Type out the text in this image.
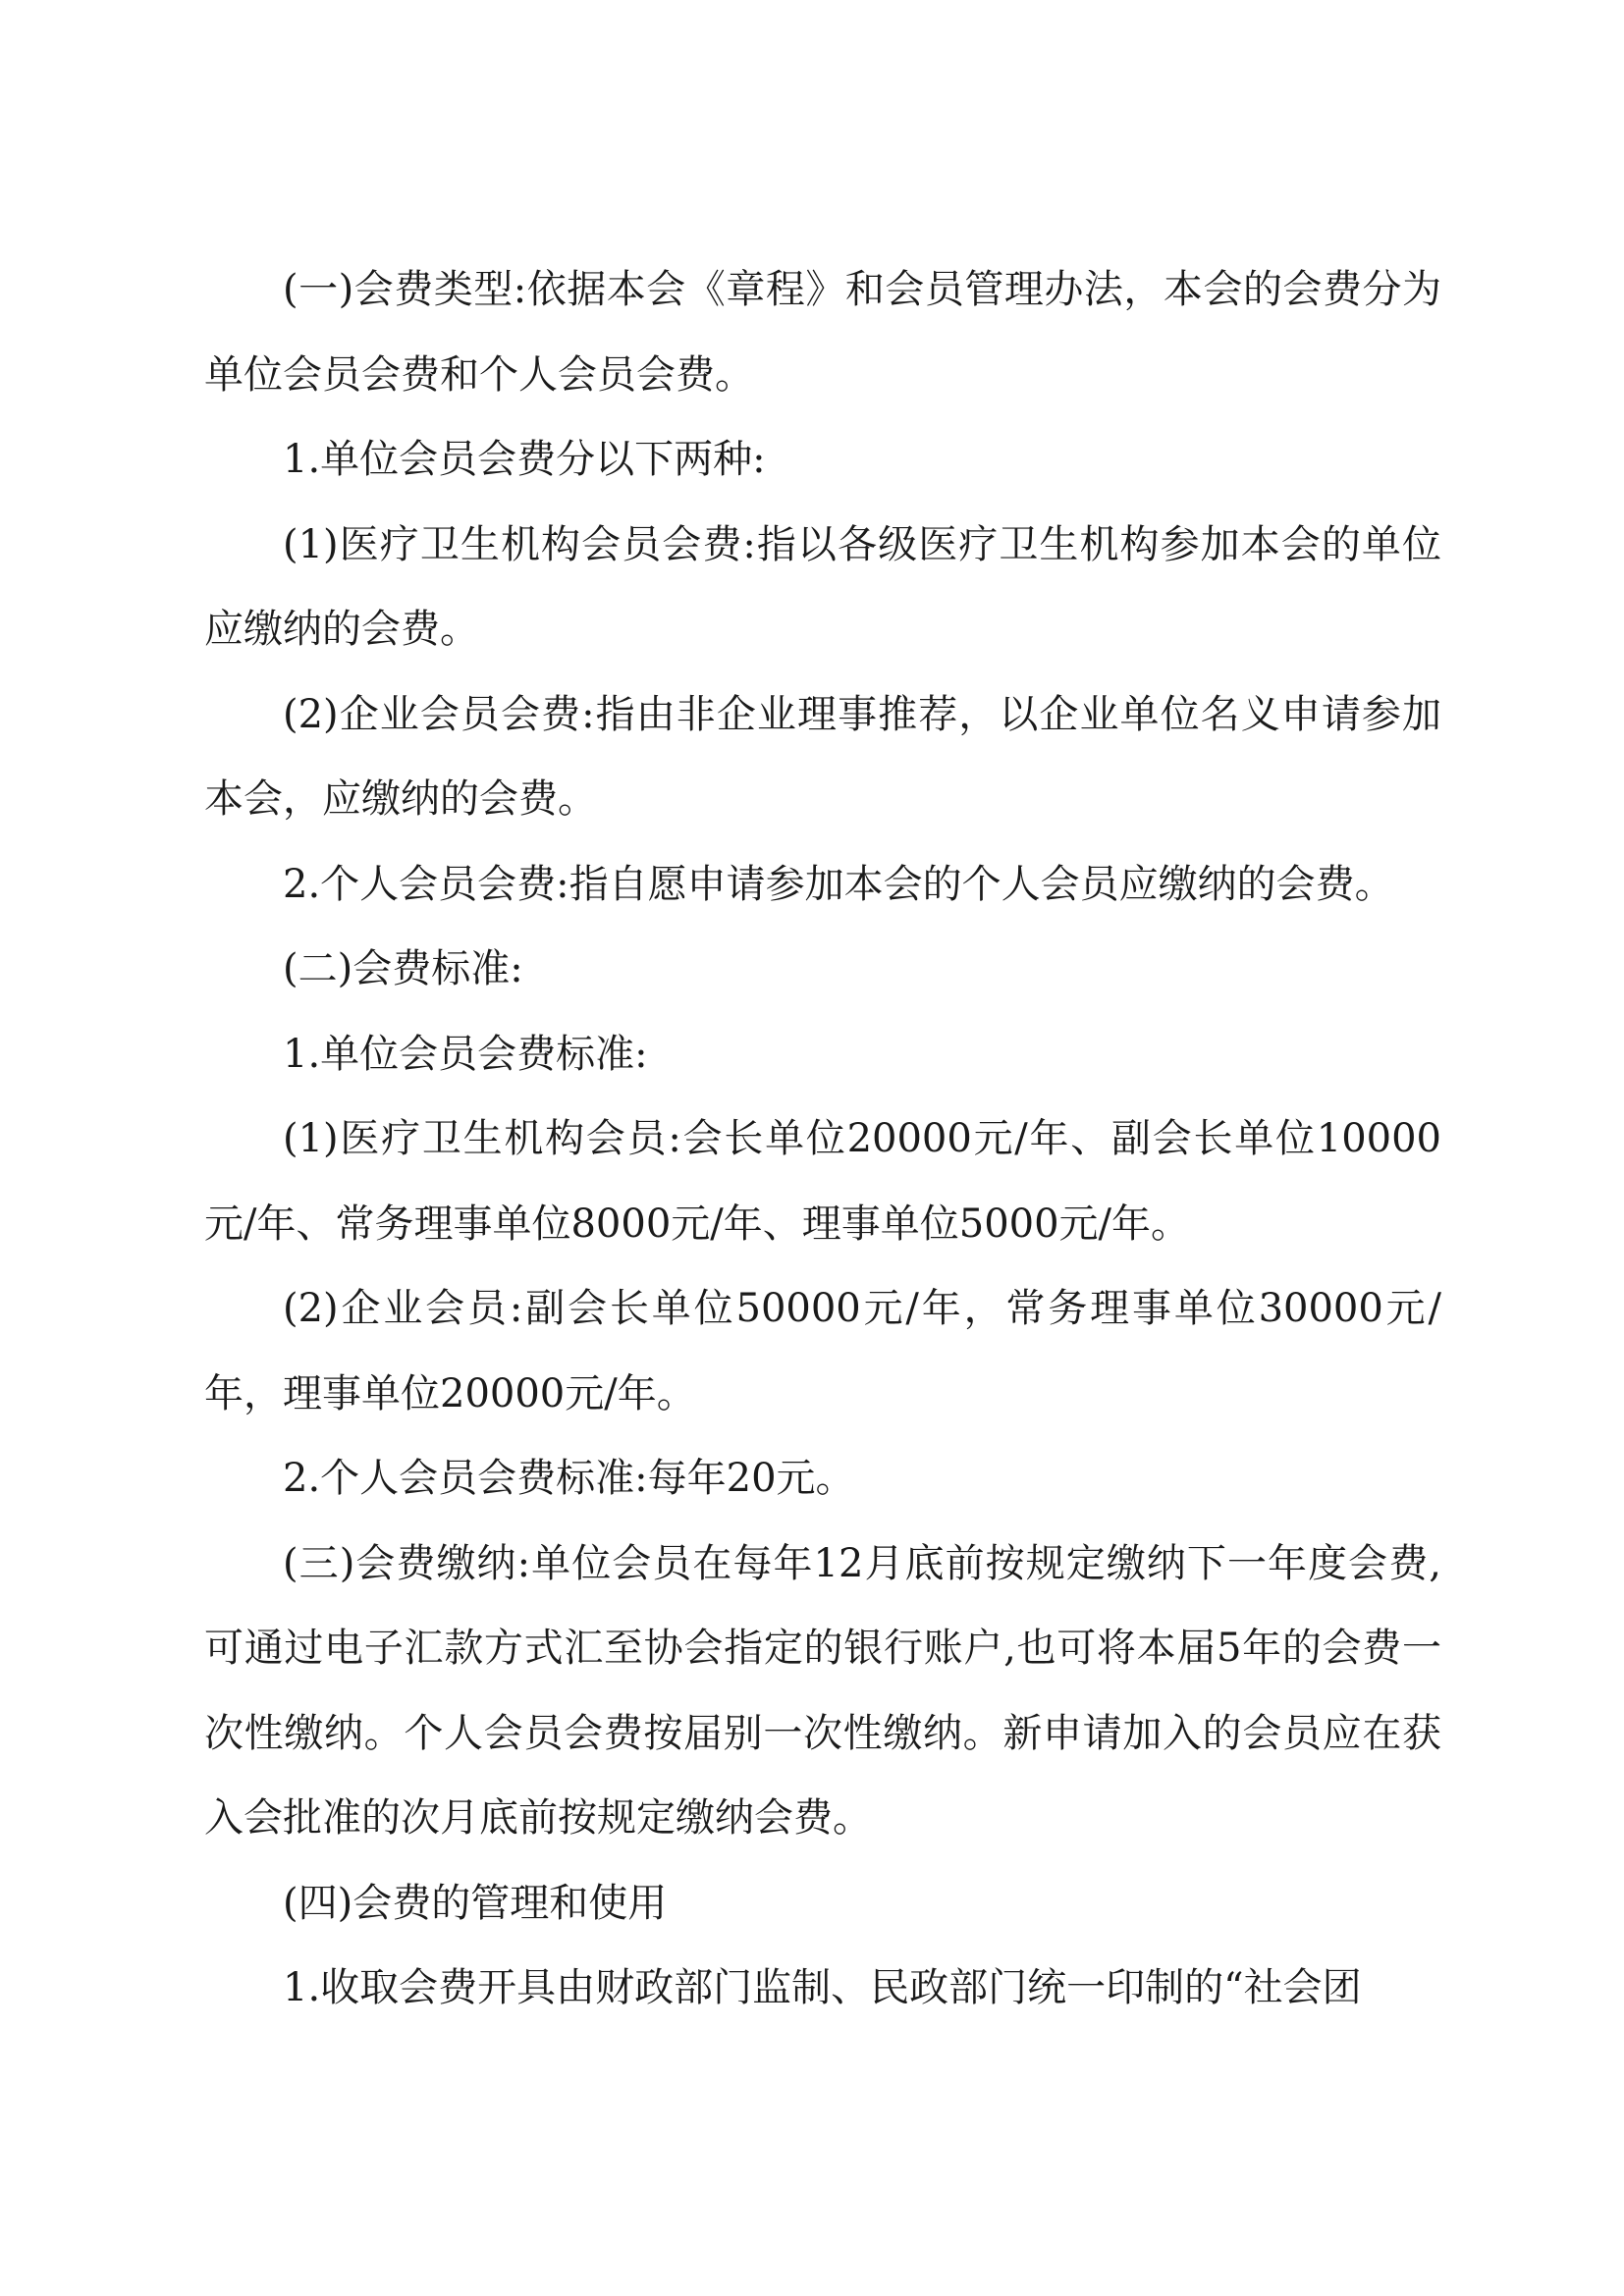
(一)会费类型:依据本会《章程》和会员管理办法，本会的会费分为单位会员会费和个人会员会费。

1.单位会员会费分以下两种:

(1)医疗卫生机构会员会费:指以各级医疗卫生机构参加本会的单位应缴纳的会费。

(2)企业会员会费:指由非企业理事推荐，以企业单位名义申请参加本会，应缴纳的会费。

2.个人会员会费:指自愿申请参加本会的个人会员应缴纳的会费。

(二)会费标准:

1.单位会员会费标准:

(1)医疗卫生机构会员:会长单位20000元/年、副会长单位10000元/年、常务理事单位8000元/年、理事单位5000元/年。

(2)企业会员:副会长单位50000元/年，常务理事单位30000元/年，理事单位20000元/年。

2.个人会员会费标准:每年20元。

(三)会费缴纳:单位会员在每年12月底前按规定缴纳下一年度会费,可通过电子汇款方式汇至协会指定的银行账户,也可将本届5年的会费一次性缴纳。个人会员会费按届别一次性缴纳。新申请加入的会员应在获入会批准的次月底前按规定缴纳会费。

(四)会费的管理和使用

1.收取会费开具由财政部门监制、民政部门统一印制的“社会团
